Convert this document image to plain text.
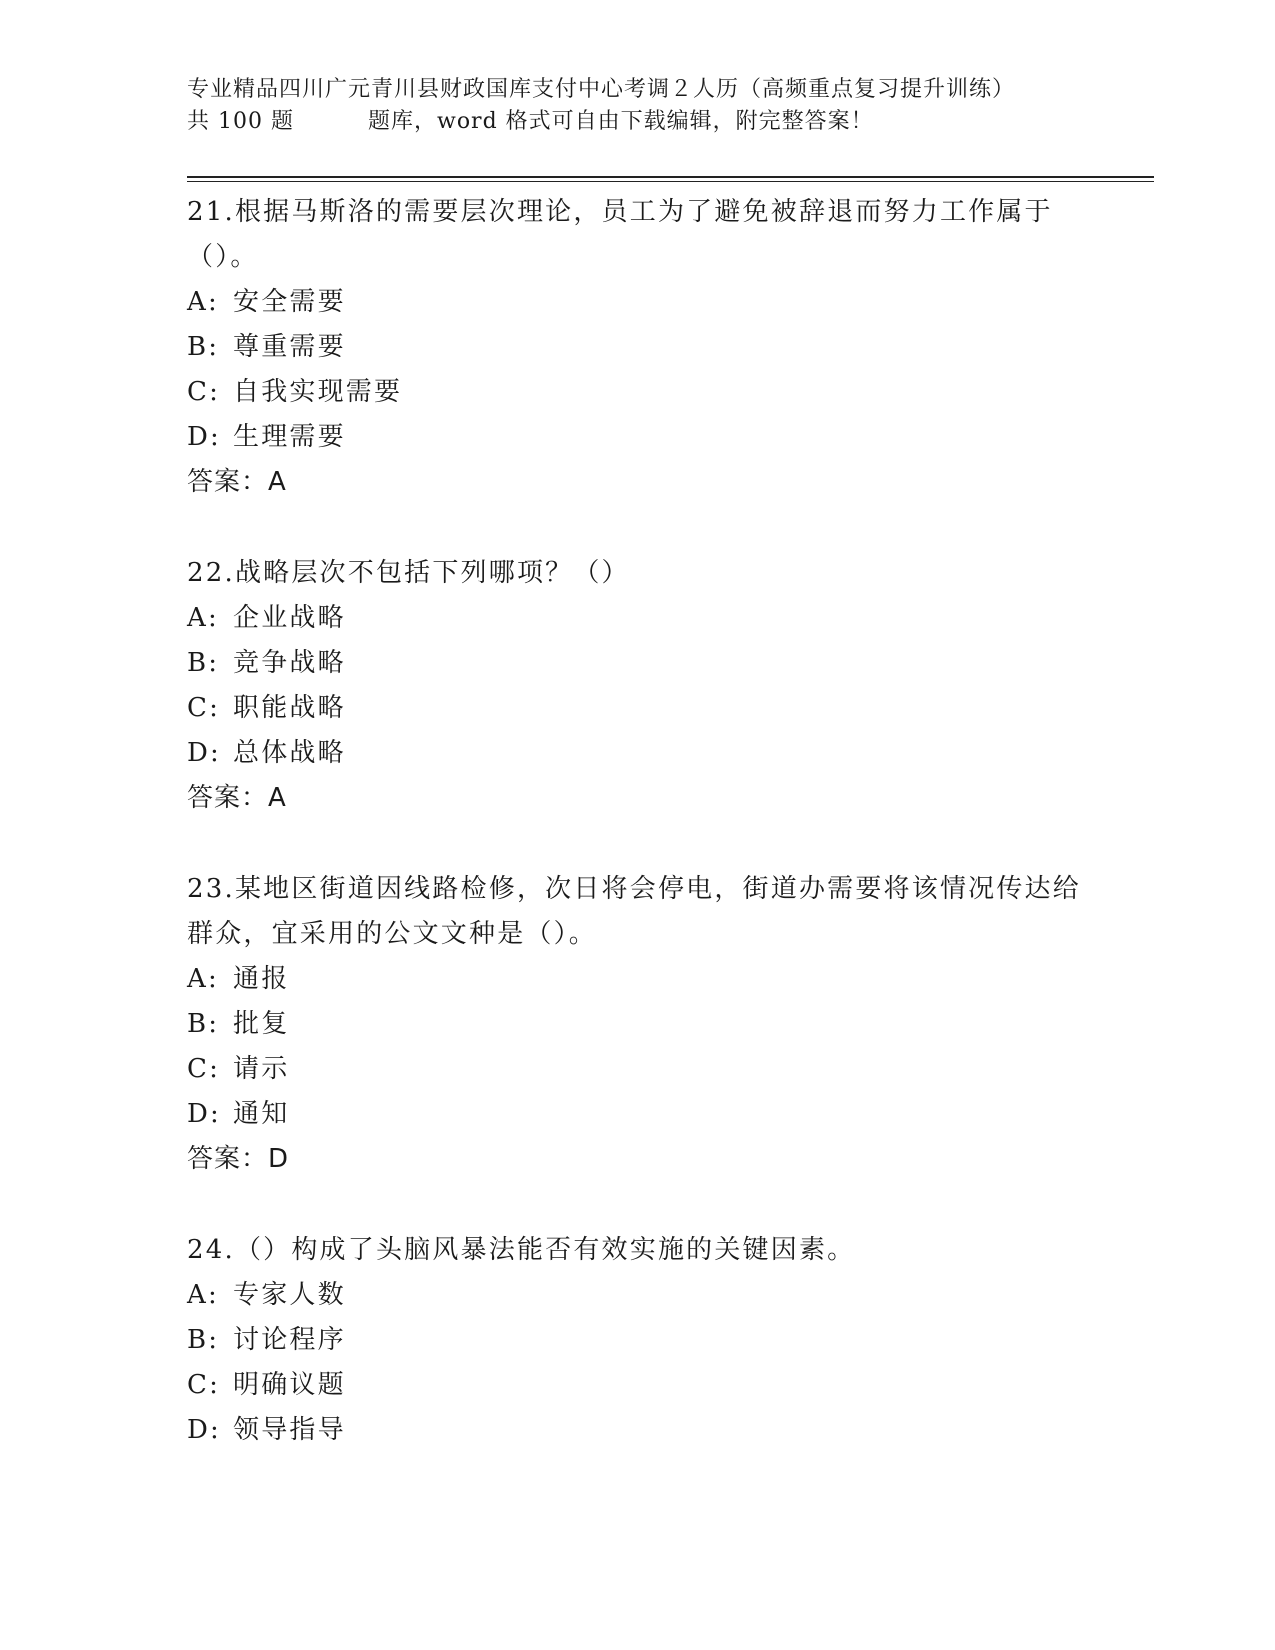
专业精品四川广元青川县财政国库支付中心考调２人历（高频重点复习提升训练）
共 100 题	题库，word 格式可自由下载编辑，附完整答案！

21.根据马斯洛的需要层次理论，员工为了避免被辞退而努力工作属于（）。

A: 安全需要
B: 尊重需要
C: 自我实现需要
D: 生理需要
答案：A

22.战略层次不包括下列哪项？（）

A: 企业战略
B: 竞争战略
C: 职能战略
D: 总体战略
答案：A

23.某地区街道因线路检修，次日将会停电，街道办需要将该情况传达给群众，宜采用的公文文种是（）。

A: 通报
B: 批复
C: 请示
D: 通知
答案：D

24.（）构成了头脑风暴法能否有效实施的关键因素。

A: 专家人数
B: 讨论程序
C: 明确议题
D: 领导指导
